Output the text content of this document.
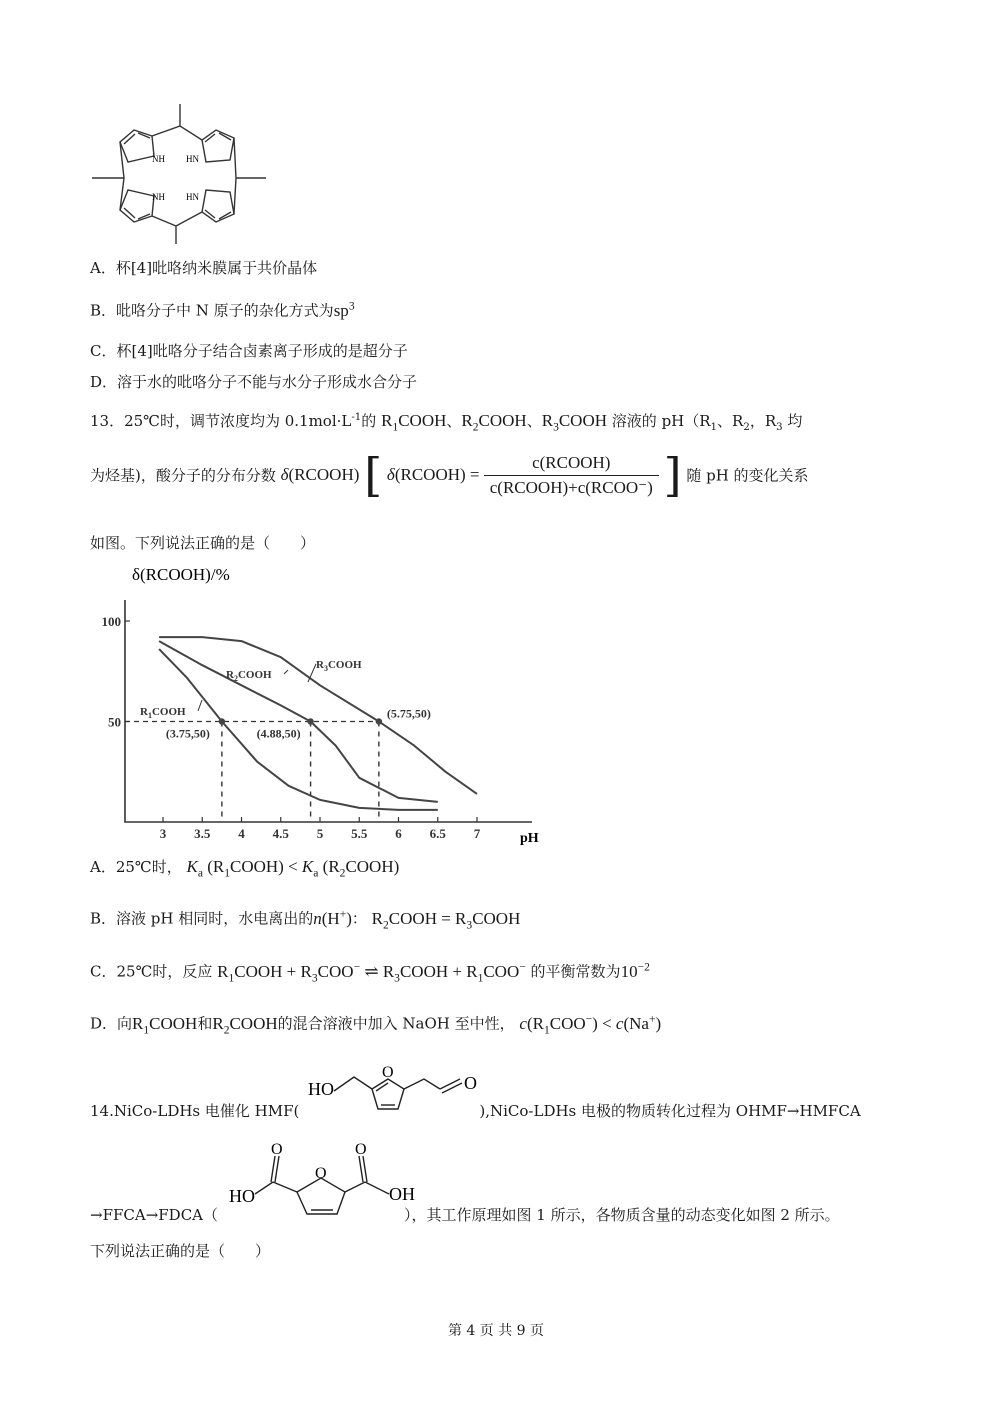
NH HN
NH HN
A．杯[4]吡咯纳米膜属于共价晶体
B．吡咯分子中 N 原子的杂化方式为$sp^3$
C．杯[4]吡咯分子结合卤素离子形成的是超分子
D．溶于水的吡咯分子不能与水分子形成水合分子
13．25℃时，调节浓度均为 $0.1mol\cdot L^{-1}$的 $R_1COOH$、$R_2COOH$、$R_3COOH$ 溶液的 $pH(R_1$、$R_2$，$R_3$ 均
为烃基)，酸分子的分布分数 δ(RCOOH) [ δ(RCOOH) = $\frac{\text{c(RCOOH)}}{\text{c(RCOOH)+c(RCOO⁻)}}$ ] 随 pH 的变化关系
如图。下列说法正确的是（　　）
δ(RCOOH)/%
pH
3 3.5 4 4.5 5 5.5 6 6.5 7
100
50
$R_1COOH$
$R_2COOH$
$R_3COOH$
(3.75,50)	(4.88,50)
(5.75,50)
A．25℃时， $K_a$ $(R_1COOH) < K_a$ $(R_2COOH)$
B．溶液 pH 相同时，水电离出的n(H+)： $R_2COOH$ = $R_3COOH$
C．25℃时，反应 $R_1COOH + R_3COO^-$ ⇌ $R_3COOH + R_1COO^-$ 的平衡常数为$10^{-2}$
D．向$R_1COOH$和$R_2COOH$的混合溶液中加入 NaOH 至中性， $c(R_1COO^-) < c(Na^+)$
HO
O
O
14.NiCo-LDHs 电催化 HMF(	),NiCo-LDHs 电极的物质转化过程为 OHMF→HMFCA
O
O
HO
O
OH
→FFCA→FDCA（	），其工作原理如图 1 所示，各物质含量的动态变化如图 2 所示。
下列说法正确的是（　　）
第 4 页 共 9 页
